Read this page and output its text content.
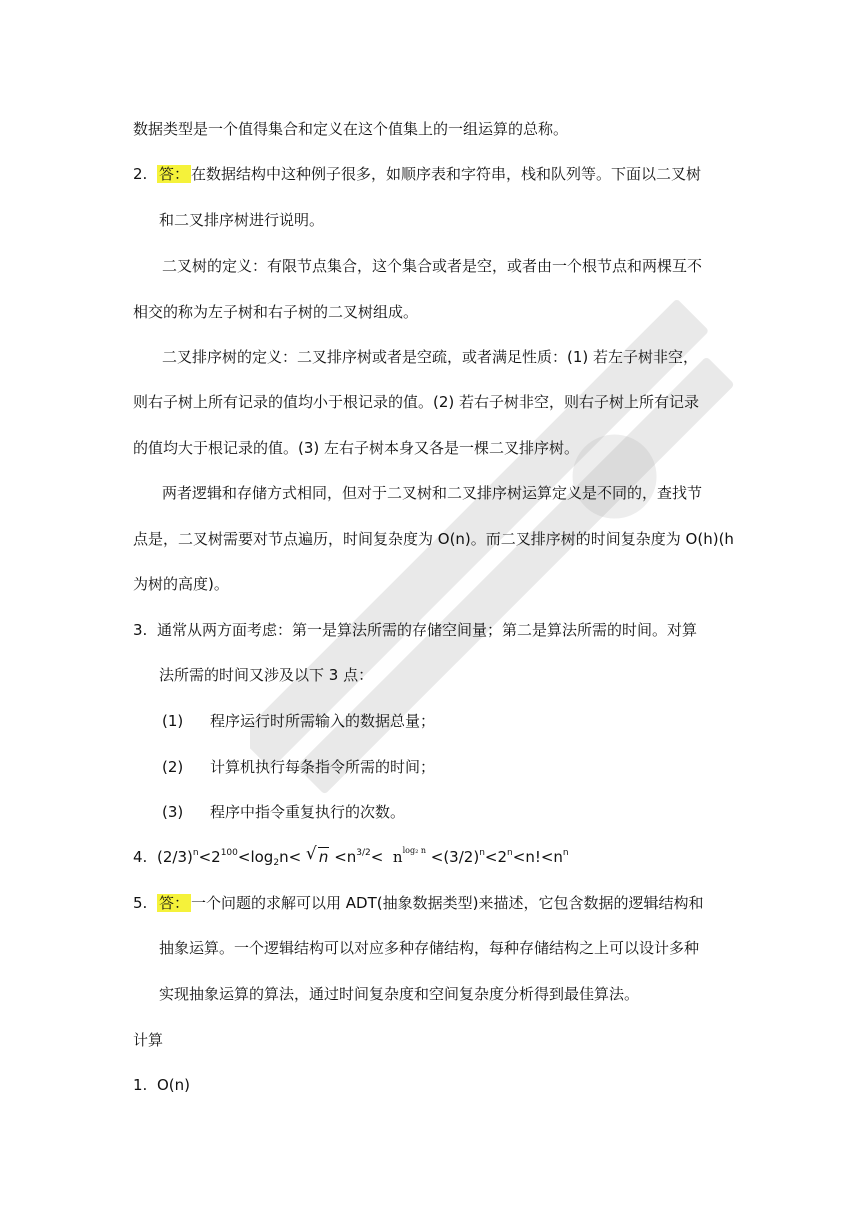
数据类型是一个值得集合和定义在这个值集上的一组运算的总称。
2. 答： 在数据结构中这种例子很多，如顺序表和字符串，栈和队列等。下面以二叉树
和二叉排序树进行说明。
二叉树的定义：有限节点集合，这个集合或者是空，或者由一个根节点和两棵互不
相交的称为左子树和右子树的二叉树组成。
二叉排序树的定义：二叉排序树或者是空疏，或者满足性质：(1) 若左子树非空，
则右子树上所有记录的值均小于根记录的值。(2) 若右子树非空，则右子树上所有记录
的值均大于根记录的值。(3) 左右子树本身又各是一棵二叉排序树。
两者逻辑和存储方式相同，但对于二叉树和二叉排序树运算定义是不同的，查找节
点是，二叉树需要对节点遍历，时间复杂度为 O(n)。而二叉排序树的时间复杂度为 O(h)(h
为树的高度)。
3. 通常从两方面考虑：第一是算法所需的存储空间量；第二是算法所需的时间。对算
法所需的时间又涉及以下 3 点：
(1) 程序运行时所需输入的数据总量；
(2) 计算机执行每条指令所需的时间；
(3) 程序中指令重复执行的次数。
4. $(2/3)^n<2^{100}<\log_2n<$ √ $n <n^{3/2}< n^{log_2 n} <(3/2)^n<2^n<n!<n^n$
5. 答： 一个问题的求解可以用 ADT(抽象数据类型)来描述，它包含数据的逻辑结构和
抽象运算。一个逻辑结构可以对应多种存储结构，每种存储结构之上可以设计多种
实现抽象运算的算法，通过时间复杂度和空间复杂度分析得到最佳算法。
计算
1. O(n)
